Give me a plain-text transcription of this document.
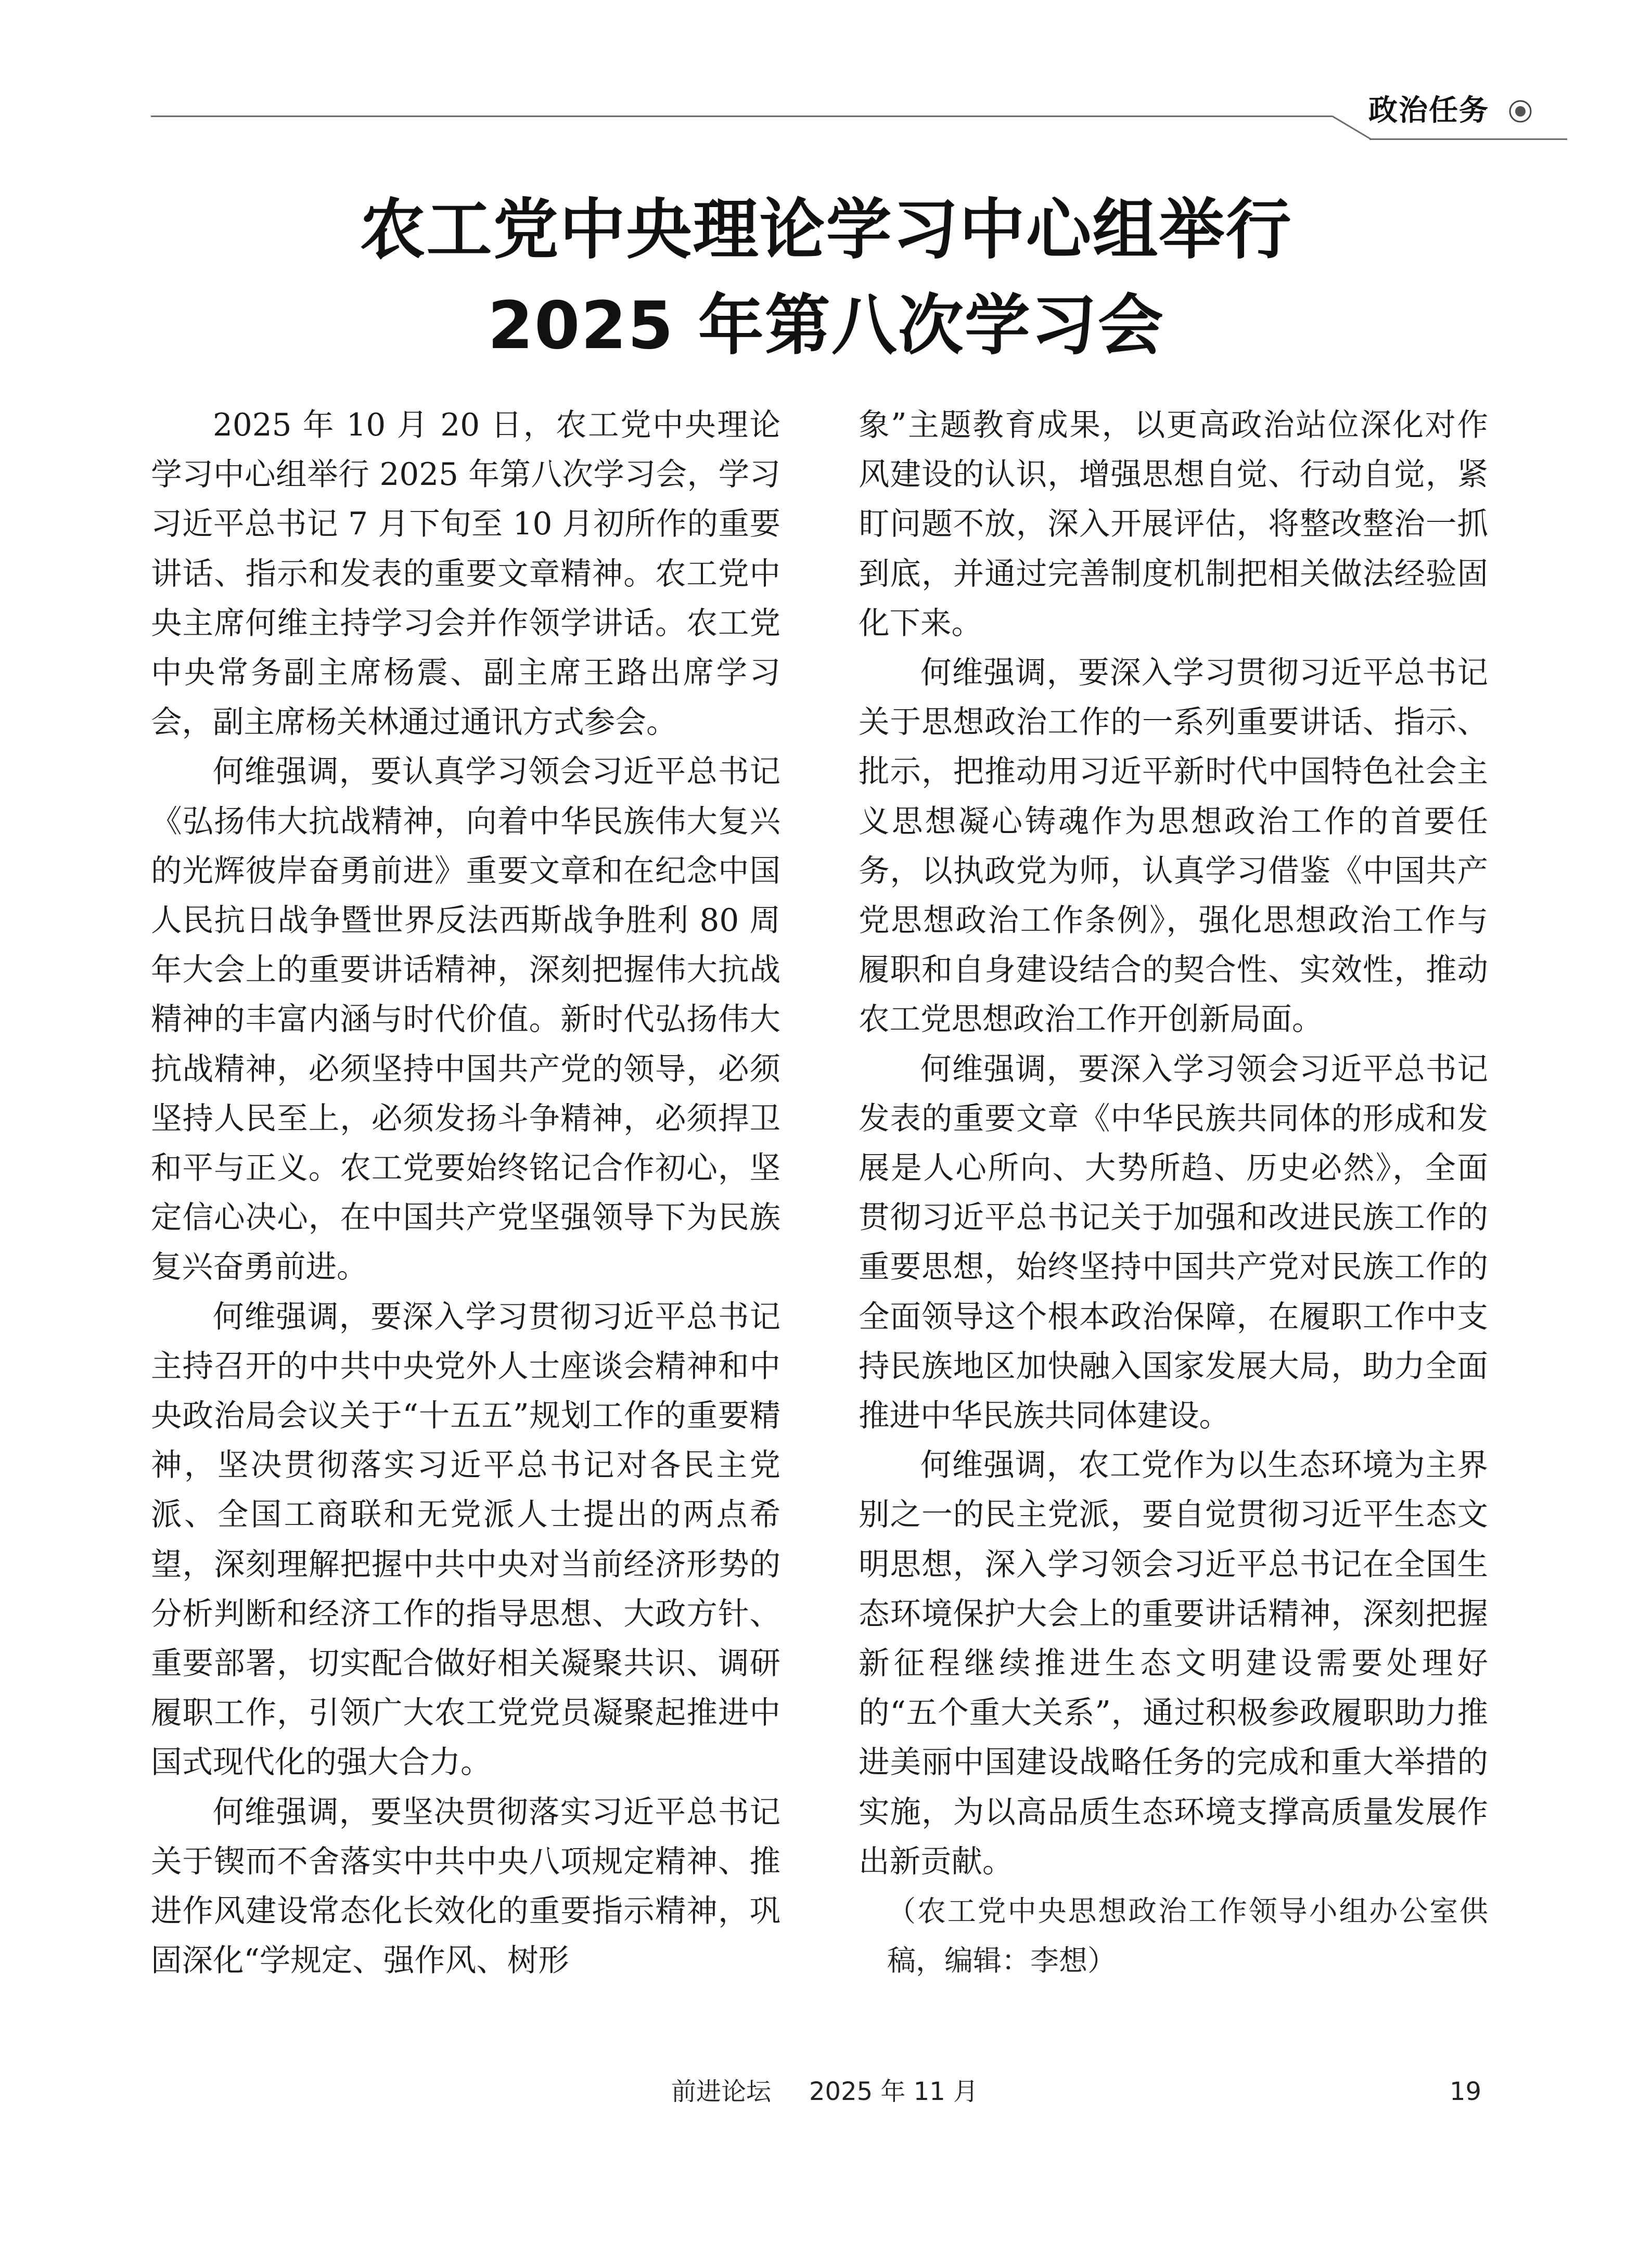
政治任务
农工党中央理论学习中心组举行
2025 年第八次学习会

2025 年 10 月 20 日，农工党中央理论学习中心组举行 2025 年第八次学习会，学习习近平总书记 7 月下旬至 10 月初所作的重要讲话、指示和发表的重要文章精神。农工党中央主席何维主持学习会并作领学讲话。农工党中央常务副主席杨震、副主席王路出席学习会，副主席杨关林通过通讯方式参会。

何维强调，要认真学习领会习近平总书记《弘扬伟大抗战精神，向着中华民族伟大复兴的光辉彼岸奋勇前进》重要文章和在纪念中国人民抗日战争暨世界反法西斯战争胜利 80 周年大会上的重要讲话精神，深刻把握伟大抗战精神的丰富内涵与时代价值。新时代弘扬伟大抗战精神，必须坚持中国共产党的领导，必须坚持人民至上，必须发扬斗争精神，必须捍卫和平与正义。农工党要始终铭记合作初心，坚定信心决心，在中国共产党坚强领导下为民族复兴奋勇前进。

何维强调，要深入学习贯彻习近平总书记主持召开的中共中央党外人士座谈会精神和中央政治局会议关于“十五五”规划工作的重要精神，坚决贯彻落实习近平总书记对各民主党派、全国工商联和无党派人士提出的两点希望，深刻理解把握中共中央对当前经济形势的分析判断和经济工作的指导思想、大政方针、重要部署，切实配合做好相关凝聚共识、调研履职工作，引领广大农工党党员凝聚起推进中国式现代化的强大合力。

何维强调，要坚决贯彻落实习近平总书记关于锲而不舍落实中共中央八项规定精神、推进作风建设常态化长效化的重要指示精神，巩固深化“学规定、强作风、树形

象”主题教育成果，以更高政治站位深化对作风建设的认识，增强思想自觉、行动自觉，紧盯问题不放，深入开展评估，将整改整治一抓到底，并通过完善制度机制把相关做法经验固化下来。

何维强调，要深入学习贯彻习近平总书记关于思想政治工作的一系列重要讲话、指示、批示，把推动用习近平新时代中国特色社会主义思想凝心铸魂作为思想政治工作的首要任务，以执政党为师，认真学习借鉴《中国共产党思想政治工作条例》，强化思想政治工作与履职和自身建设结合的契合性、实效性，推动农工党思想政治工作开创新局面。

何维强调，要深入学习领会习近平总书记发表的重要文章《中华民族共同体的形成和发展是人心所向、大势所趋、历史必然》，全面贯彻习近平总书记关于加强和改进民族工作的重要思想，始终坚持中国共产党对民族工作的全面领导这个根本政治保障，在履职工作中支持民族地区加快融入国家发展大局，助力全面推进中华民族共同体建设。

何维强调，农工党作为以生态环境为主界别之一的民主党派，要自觉贯彻习近平生态文明思想，深入学习领会习近平总书记在全国生态环境保护大会上的重要讲话精神，深刻把握新征程继续推进生态文明建设需要处理好的“五个重大关系”，通过积极参政履职助力推进美丽中国建设战略任务的完成和重大举措的实施，为以高品质生态环境支撑高质量发展作出新贡献。

（农工党中央思想政治工作领导小组办公室供稿，编辑：李想）

前进论坛 2025 年 11 月	19
